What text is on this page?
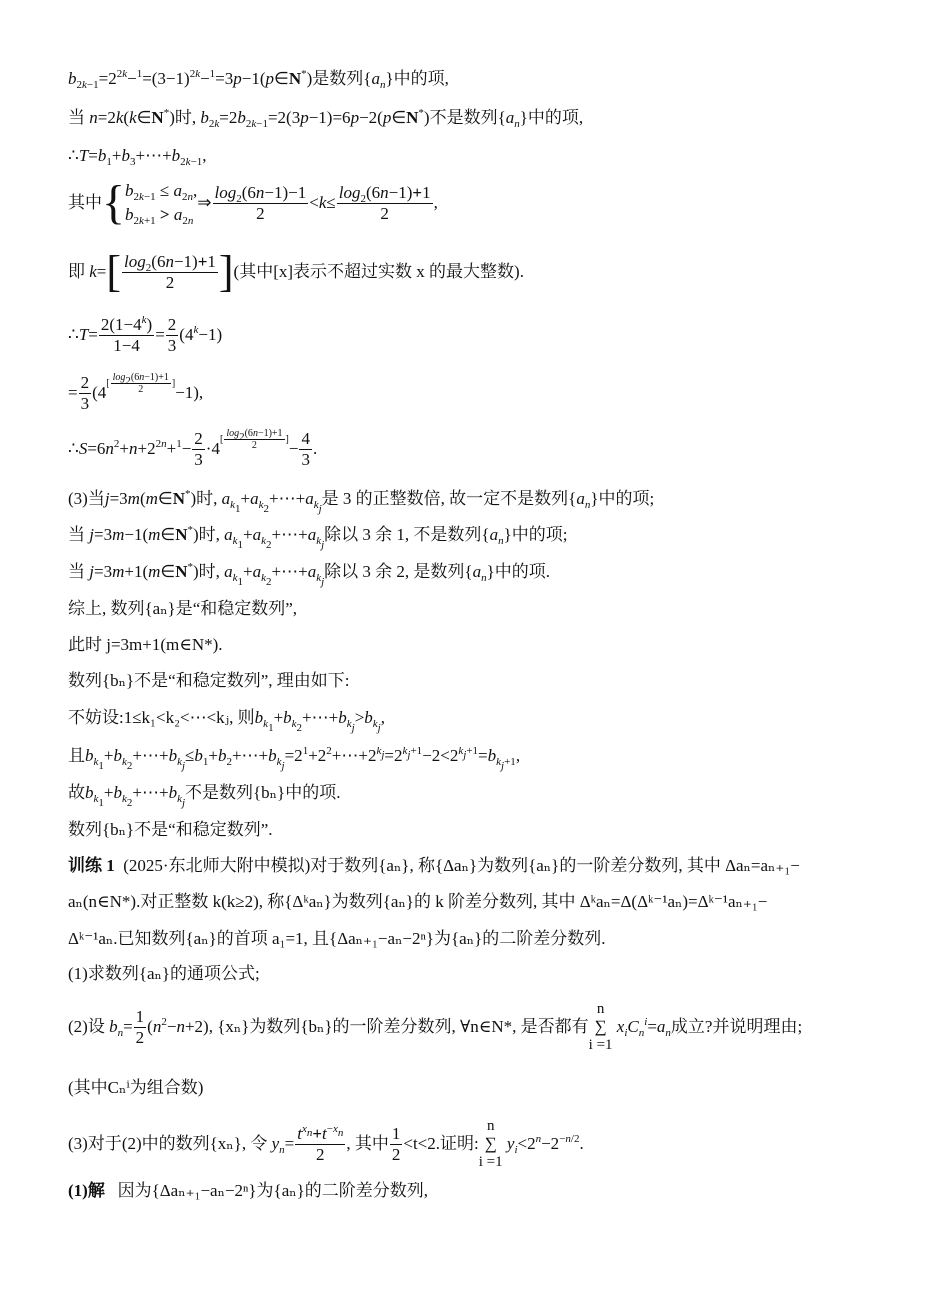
$b_{2k-1}=2^{2k}-^1=(3-1)^{2k}-^1=3p-1(p\in N^*)$是数列$\{a_n\}$中的项,
当 n=2k(k∈N*)时, $b_{2k}=2b_{2k-1}=2(3p-1)=6p-2(p\in N^*)$不是数列$\{a_n\}$中的项,
$\therefore T=b_1+b_3+\cdots+b_{2k-1}$,
其中 { $b_{2k-1} \le a_{2n}$,
$b_{2k+1} > a_{2n}$
⇒ $\frac{\log_2(6n-1)-1}{2} <k\le \frac{\log_2(6n-1)+1}{2}$ ,
即
k= [ $\frac{\log_2(6n-1)+1}{2}$ ] (其中[x]表示不超过实数 x 的最大整数).
∴T= $\frac{2(1-4^k)}{1-4} = \frac{2}{3} (4^k-1)$
= $\frac{2}{3} (4$
[ $\frac{\log_2(6n-1)+1}{2}$ ]
−1),
$\therefore S=6n^2+n+2^{2n}+^1- \frac{2}{3} \cdot 4$
[ $\frac{\log_2(6n-1)+1}{2}$ ]
− $\frac{4}{3}$ .
(3)当j=3m(m∈N*)时, $a_{k_1}+a_{k_2}+\cdots+a_{k_j}$是 3 的正整数倍, 故一定不是数列$\{a_n\}$中的项;
当 j=3m−1(m∈N*)时, $a_{k_1}+a_{k_2}+\cdots+a_{k_j}$除以 3 余 1, 不是数列$\{a_n\}$中的项;
当 j=3m+1(m∈N*)时, $a_{k_1}+a_{k_2}+\cdots+a_{k_j}$除以 3 余 2, 是数列$\{a_n\}$中的项.
综上, 数列{aₙ}是“和稳定数列”,
此时 j=3m+1(m∈N*).
数列{bₙ}不是“和稳定数列”, 理由如下:
不妨设:1≤k₁<k₂<⋯<kⱼ, 则$b_{k_1}+b_{k_2}+\cdots+b_{k_j}>b_{k_j}$,
且$b_{k_1}+b_{k_2}+\cdots+b_{k_j}\le b_1+b_2+\cdots+b_{k_j}=2^1+2^2+\cdots+2^{k_j}=2^{k_j+1}-2<2^{k_j+1}=b_{k_j+1}$,
故$b_{k_1}+b_{k_2}+\cdots+b_{k_j}$不是数列{bₙ}中的项.
数列{bₙ}不是“和稳定数列”.
训练 1 (2025·东北师大附中模拟)对于数列{aₙ}, 称{Δaₙ}为数列{aₙ}的一阶差分数列, 其中 Δaₙ=aₙ₊₁−
aₙ(n∈N*).对正整数 k(k≥2), 称{Δᵏaₙ}为数列{aₙ}的 k 阶差分数列, 其中 Δᵏaₙ=Δ(Δᵏ⁻¹aₙ)=Δᵏ⁻¹aₙ₊₁−
Δᵏ⁻¹aₙ.已知数列{aₙ}的首项 a₁=1, 且{Δaₙ₊₁−aₙ−2ⁿ}为{aₙ}的二阶差分数列.
(1)求数列{aₙ}的通项公式;
(2)设
$b_n= \frac{1}{2} (n^2-n+2)$ , {xₙ}为数列{bₙ}的一阶差分数列, ∀n∈N*, 是否都有
n
∑
i =1
$x_iC_n^i=a_n$ 成立?并说明理由;
(其中Cₙⁱ为组合数)
(3)对于(2)中的数列{xₙ}, 令
$y_n= \frac{t^{x_n}+t^{-x_n}}{2}$ , 其中 $\frac{1}{2} <t<2$.证明:
n
∑
i =1
$y_i<2^n-2^{-n/2}$.
(1)解 因为{Δaₙ₊₁−aₙ−2ⁿ}为{aₙ}的二阶差分数列,
